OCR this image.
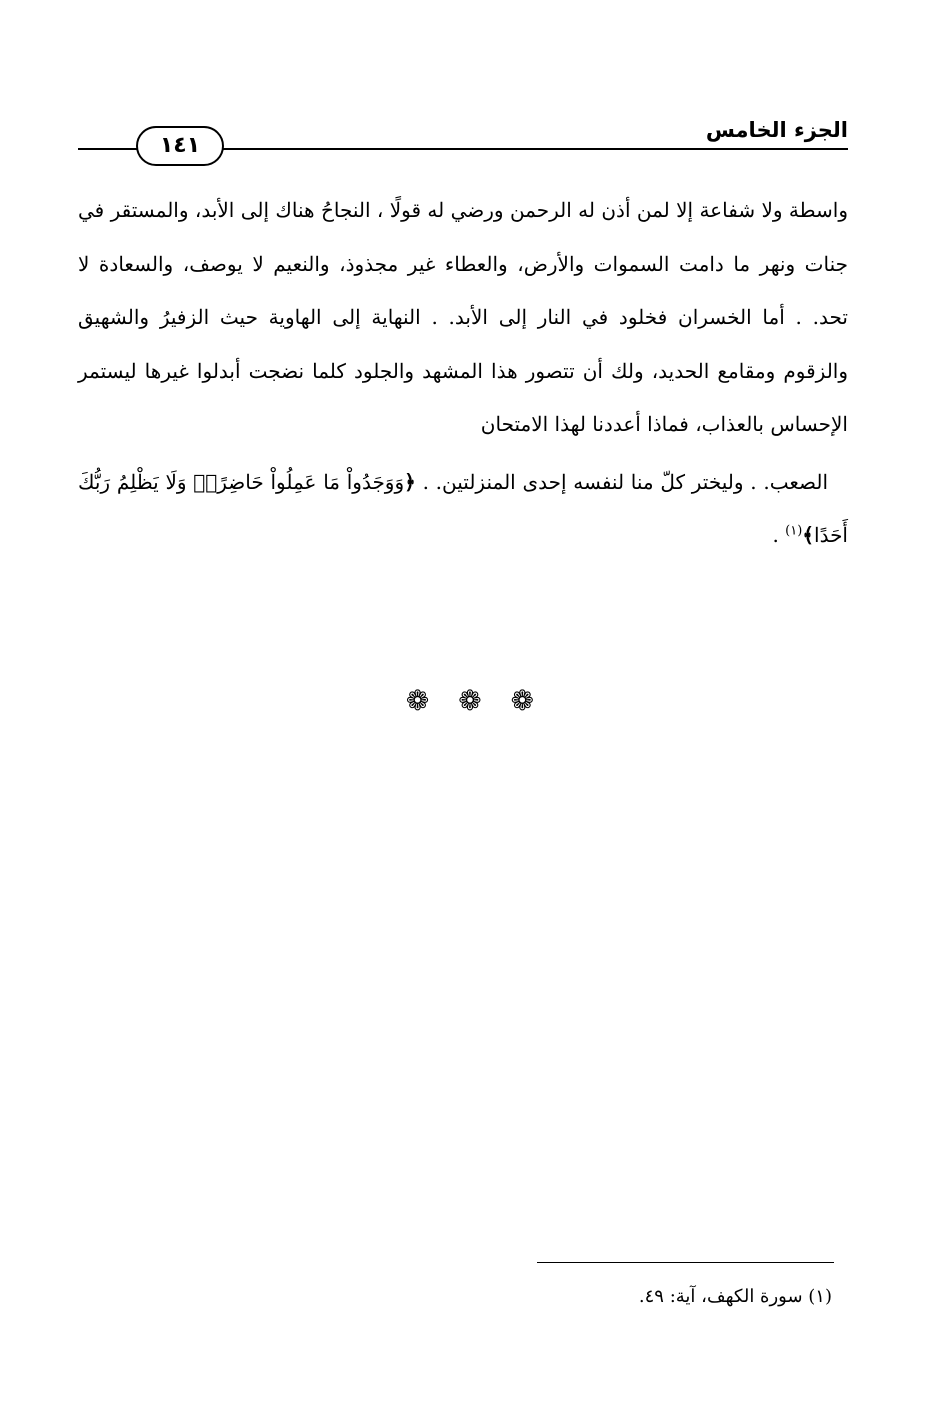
الجزء الخامس
١٤١

واسطة ولا شفاعة إلا لمن أذن له الرحمن ورضي له قولًا ، النجاحُ هناك إلى الأبد، والمستقر في جنات ونهر ما دامت السموات والأرض، والعطاء غير مجذوذ، والنعيم لا يوصف، والسعادة لا تحد. . أما الخسران فخلود في النار إلى الأبد. . النهاية إلى الهاوية حيث الزفيرُ والشهيق والزقوم ومقامع الحديد، ولك أن تتصور هذا المشهد والجلود كلما نضجت أبدلوا غيرها ليستمر الإحساس بالعذاب، فماذا أعددنا لهذا الامتحان

الصعب. . وليختر كلّ منا لنفسه إحدى المنزلتين. . ﴿وَوَجَدُواْ مَا عَمِلُواْ حَاضِرًاۗ وَلَا يَظْلِمُ رَبُّكَ أَحَدًا﴾$^{(١)}$ .

❁ ❁ ❁
(١) سورة الكهف، آية: ٤٩.
